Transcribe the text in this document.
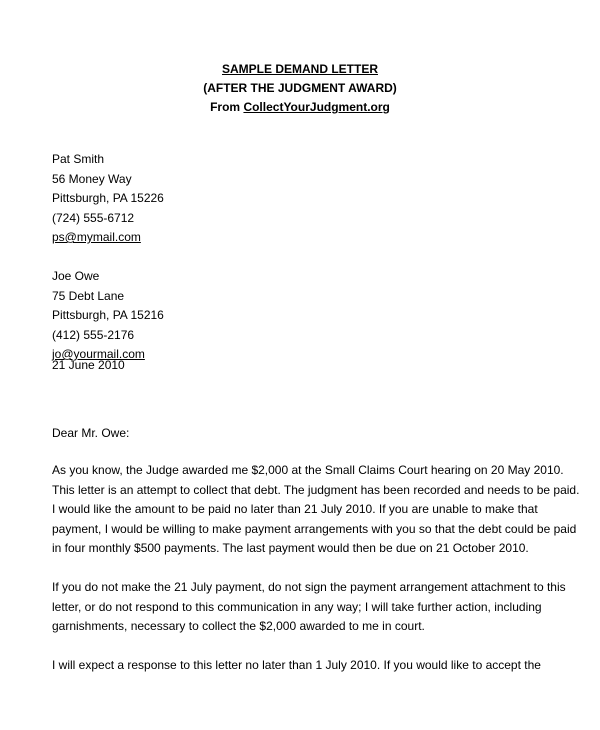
SAMPLE DEMAND LETTER
(AFTER THE JUDGMENT AWARD)
From CollectYourJudgment.org
Pat Smith
56 Money Way
Pittsburgh, PA 15226
(724) 555-6712
ps@mymail.com
Joe Owe
75 Debt Lane
Pittsburgh, PA 15216
(412) 555-2176
jo@yourmail.com
21 June 2010
Dear Mr. Owe:
As you know, the Judge awarded me $2,000 at the Small Claims Court hearing on 20 May 2010.
This letter is an attempt to collect that debt. The judgment has been recorded and needs to be paid.
I would like the amount to be paid no later than 21 July 2010. If you are unable to make that
payment, I would be willing to make payment arrangements with you so that the debt could be paid
in four monthly $500 payments. The last payment would then be due on 21 October 2010.
If you do not make the 21 July payment, do not sign the payment arrangement attachment to this
letter, or do not respond to this communication in any way; I will take further action, including
garnishments, necessary to collect the $2,000 awarded to me in court.
I will expect a response to this letter no later than 1 July 2010. If you would like to accept the
